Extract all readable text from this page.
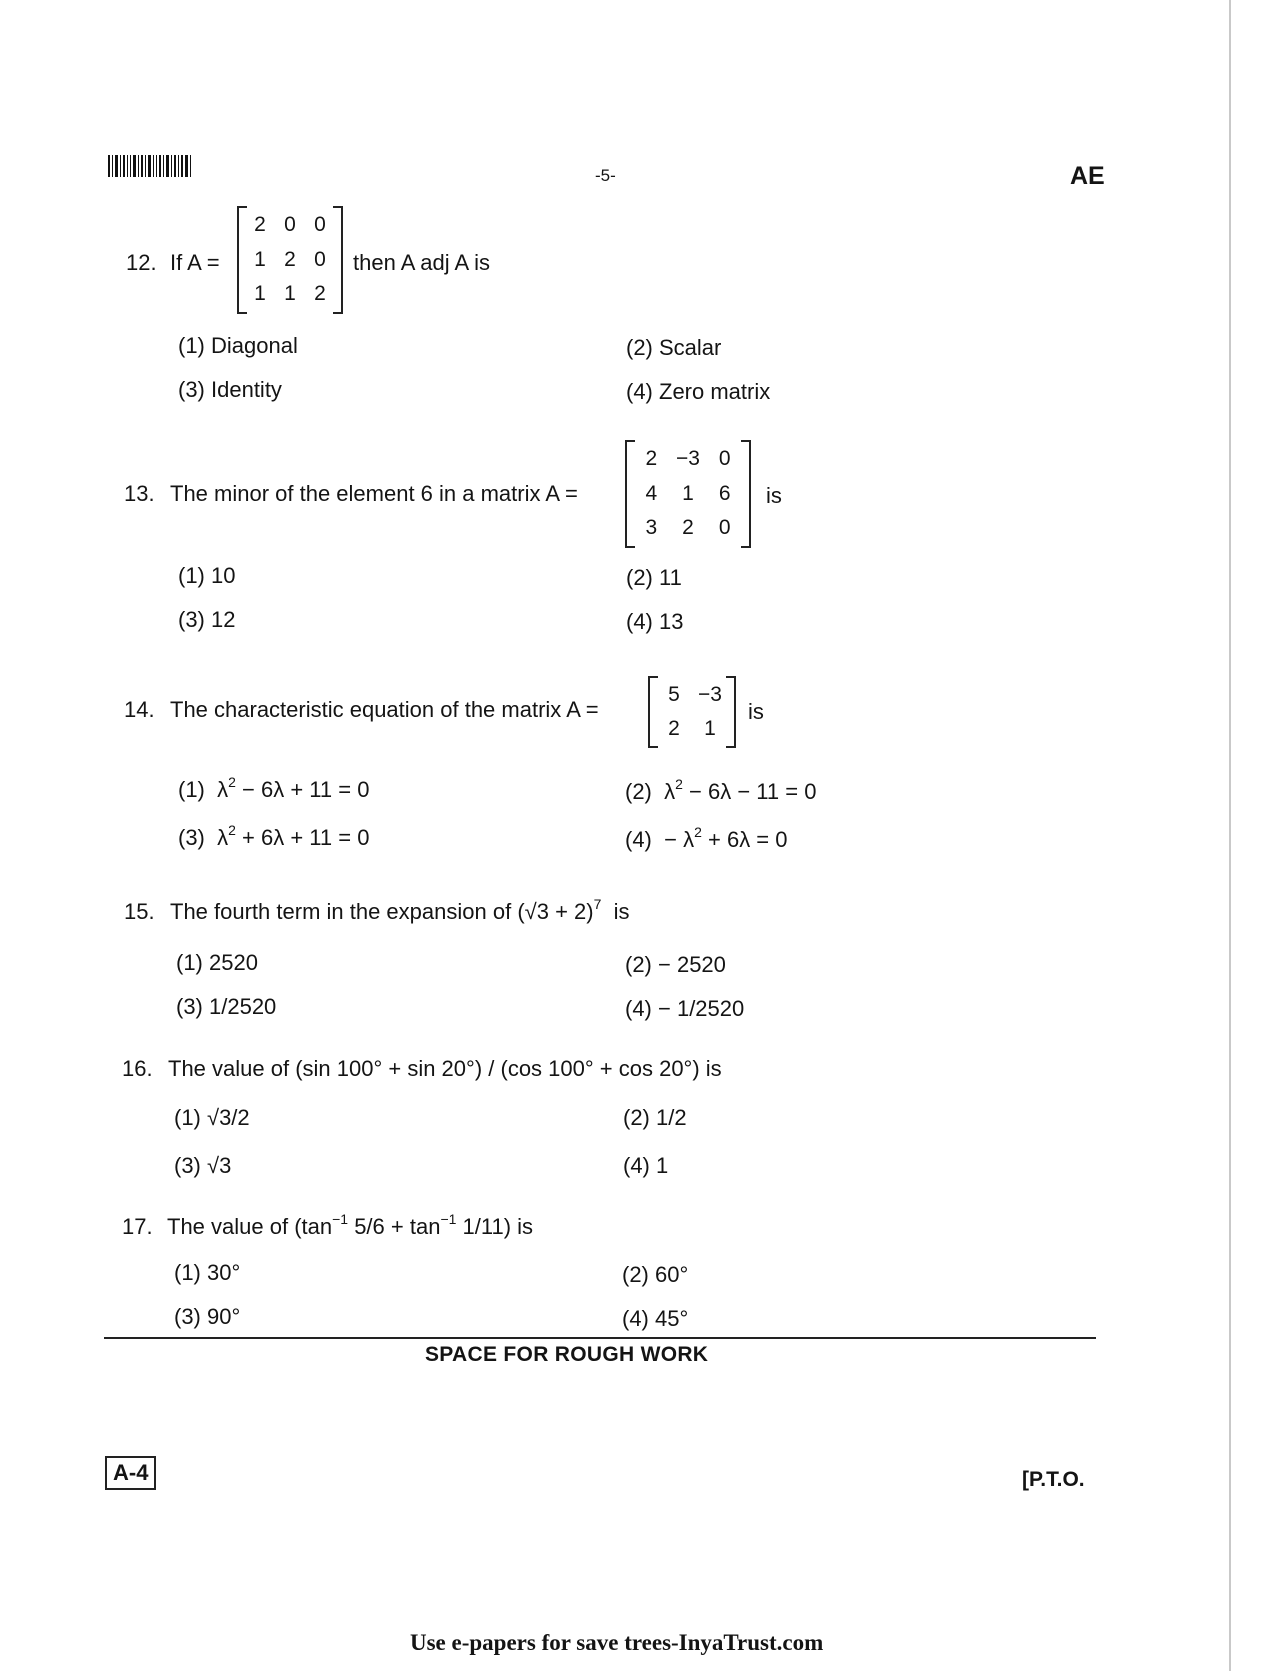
-5-	AE
12. If A =
2 0 0
1 2 0
1 1 2
then A adj A is
(1) Diagonal	(2) Scalar
(3) Identity	(4) Zero matrix
13. The minor of the element 6 in a matrix A =
2 −3 0
4	1	6
3	2	0
is
(1) 10	(2) 11
(3) 12	(4) 13
14. The characteristic equation of the matrix A =
5 −3
2	1
is
(1) $\lambda^2 - 6\lambda + 11 = 0$	(2) $\lambda^2 - 6\lambda - 11 = 0$
(3) $\lambda^2 + 6\lambda + 11 = 0$	$(4) - \lambda^2 + 6\lambda = 0$
15. The fourth term in the expansion of $(√3 + 2)^7$ is
(1) 2520	(2) − 2520
(3) 1/2520	(4) − 1/2520
16. The value of (sin 100° + sin 20°) / (cos 100° + cos 20°) is
(1) √3/2	(2) 1/2
(3) √3	(4) 1
17. The value of ($\tan^{-1}$ $5/6 + \tan^{-1} 1/11$) is
(1) 30°	(2) 60°
(3) 90°	(4) 45°
SPACE FOR ROUGH WORK
A-4	[P.T.O.
Use e-papers for save trees-InyaTrust.com
